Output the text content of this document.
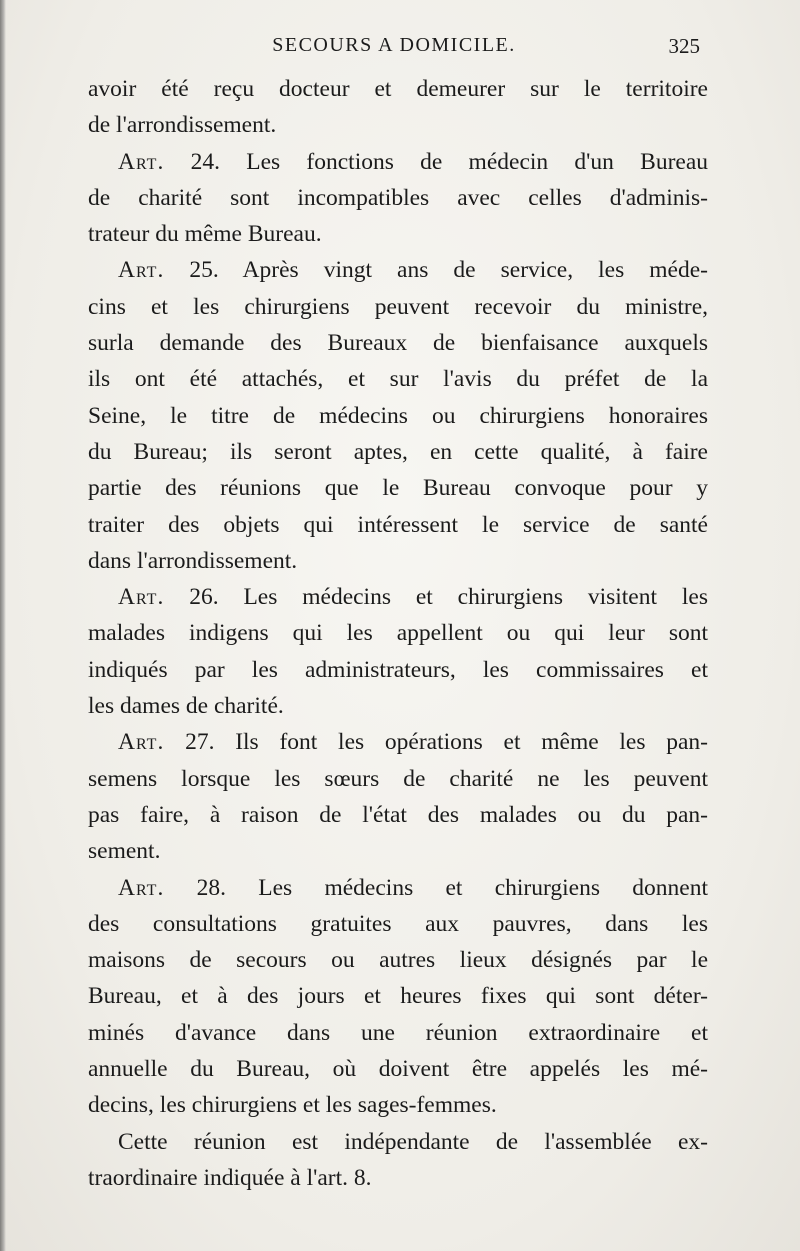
SECOURS A DOMICILE.	325
avoir été reçu docteur et demeurer sur le territoire
de l'arrondissement.
Art. 24. Les fonctions de médecin d'un Bureau
de charité sont incompatibles avec celles d'adminis-
trateur du même Bureau.
Art. 25. Après vingt ans de service, les méde-
cins et les chirurgiens peuvent recevoir du ministre,
surla demande des Bureaux de bienfaisance auxquels
ils ont été attachés, et sur l'avis du préfet de la
Seine, le titre de médecins ou chirurgiens honoraires
du Bureau; ils seront aptes, en cette qualité, à faire
partie des réunions que le Bureau convoque pour y
traiter des objets qui intéressent le service de santé
dans l'arrondissement.
Art. 26. Les médecins et chirurgiens visitent les
malades indigens qui les appellent ou qui leur sont
indiqués par les administrateurs, les commissaires et
les dames de charité.
Art. 27. Ils font les opérations et même les pan-
semens lorsque les sœurs de charité ne les peuvent
pas faire, à raison de l'état des malades ou du pan-
sement.
Art. 28. Les médecins et chirurgiens donnent
des consultations gratuites aux pauvres, dans les
maisons de secours ou autres lieux désignés par le
Bureau, et à des jours et heures fixes qui sont déter-
minés d'avance dans une réunion extraordinaire et
annuelle du Bureau, où doivent être appelés les mé-
decins, les chirurgiens et les sages-femmes.
Cette réunion est indépendante de l'assemblée ex-
traordinaire indiquée à l'art. 8.
